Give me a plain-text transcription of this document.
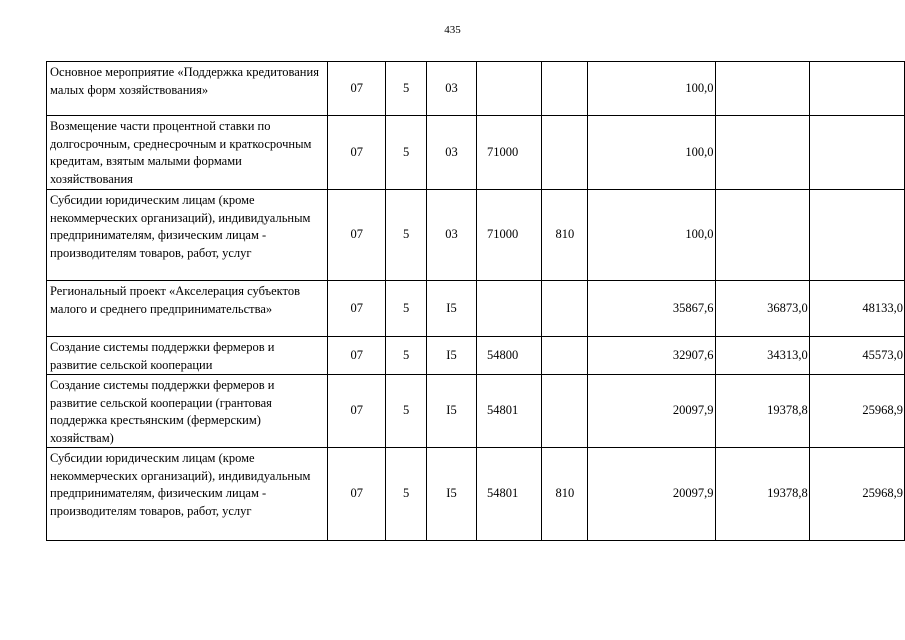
435
Основное мероприятие «Поддержка кредитования малых форм хозяйствования»	07	5	03			100,0		
Возмещение части процентной ставки по долгосрочным, среднесрочным и краткосрочным кредитам, взятым малыми формами хозяйствования	07	5	03	71000		100,0		
Субсидии юридическим лицам (кроме некоммерческих организаций), индивидуальным предпринимателям, физическим лицам - производителям товаров, работ, услуг	07	5	03	71000	810	100,0		
Региональный проект «Акселерация субъектов малого и среднего предпринимательства»	07	5	I5			35867,6	36873,0	48133,0
Создание системы поддержки фермеров и развитие сельской кооперации	07	5	I5	54800		32907,6	34313,0	45573,0
Создание системы поддержки фермеров и развитие сельской кооперации (грантовая поддержка крестьянским (фермерским) хозяйствам)	07	5	I5	54801		20097,9	19378,8	25968,9
Субсидии юридическим лицам (кроме некоммерческих организаций), индивидуальным предпринимателям, физическим лицам - производителям товаров, работ, услуг	07	5	I5	54801	810	20097,9	19378,8	25968,9
